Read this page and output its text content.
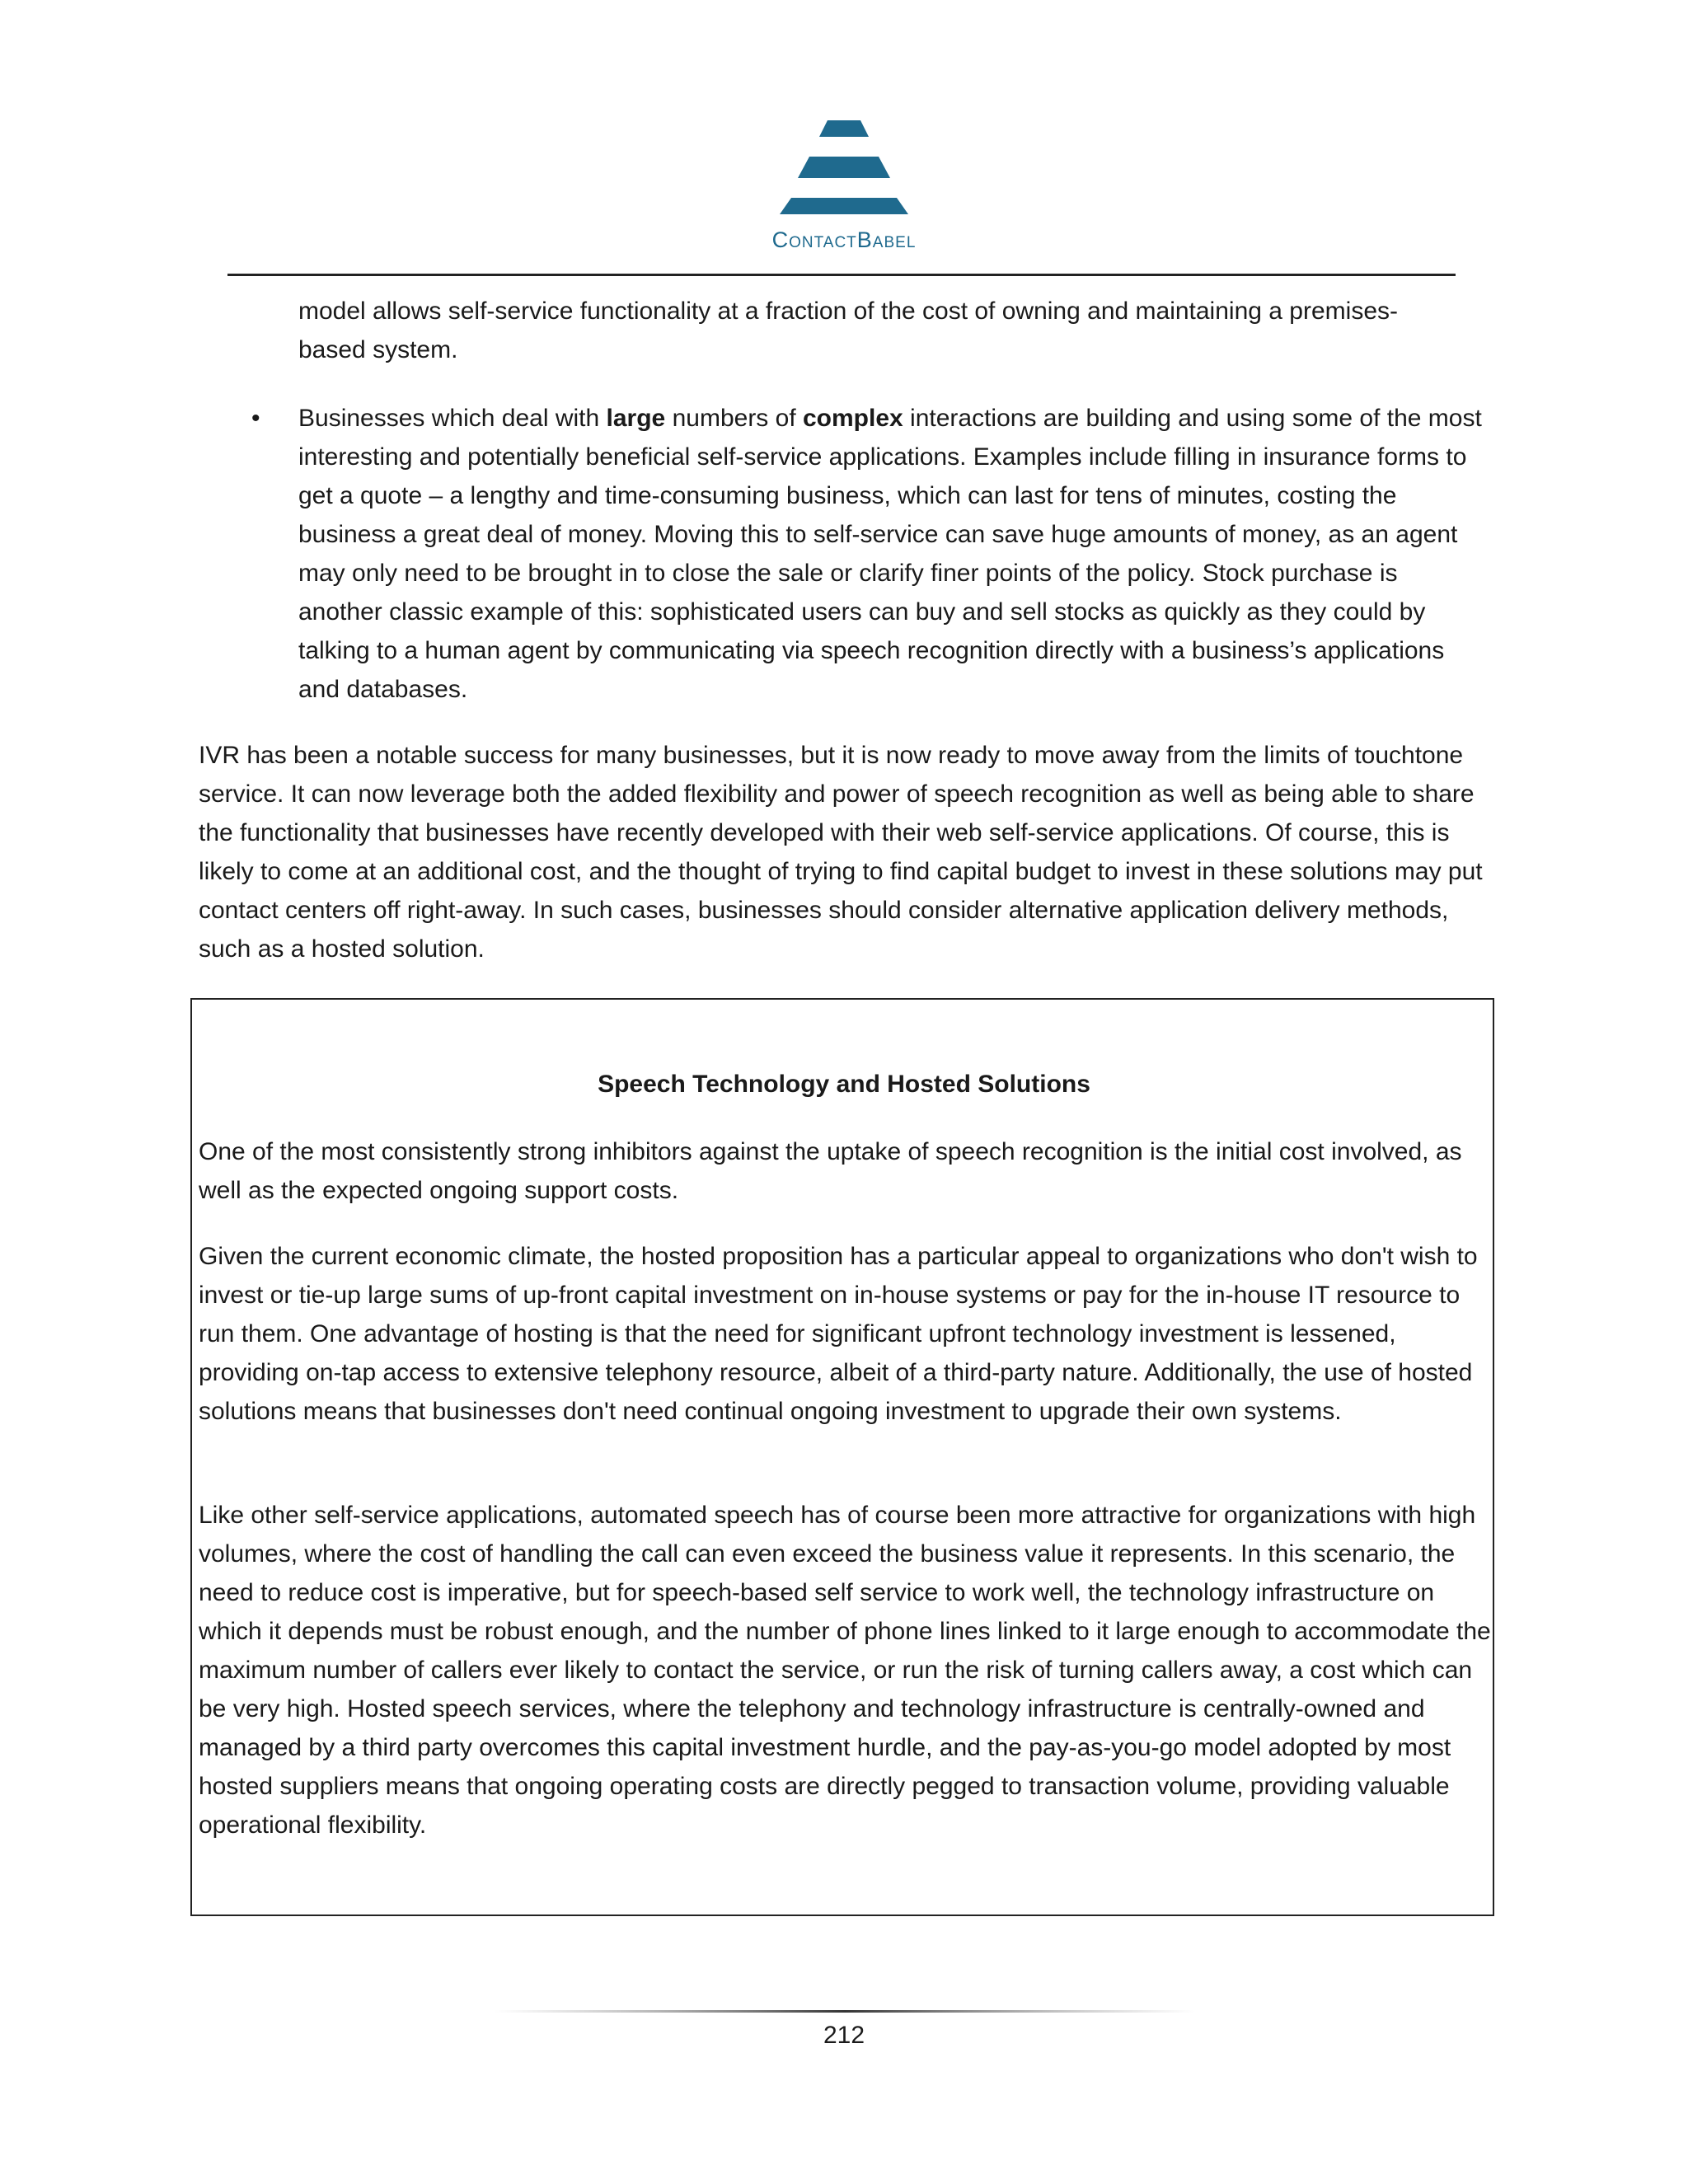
ContactBabel

model allows self-service functionality at a fraction of the cost of owning and maintaining a premises-based system.

• Businesses which deal with large numbers of complex interactions are building and using some of the most interesting and potentially beneficial self-service applications. Examples include filling in insurance forms to get a quote – a lengthy and time-consuming business, which can last for tens of minutes, costing the business a great deal of money. Moving this to self-service can save huge amounts of money, as an agent may only need to be brought in to close the sale or clarify finer points of the policy. Stock purchase is another classic example of this: sophisticated users can buy and sell stocks as quickly as they could by talking to a human agent by communicating via speech recognition directly with a business’s applications and databases.

IVR has been a notable success for many businesses, but it is now ready to move away from the limits of touchtone service. It can now leverage both the added flexibility and power of speech recognition as well as being able to share the functionality that businesses have recently developed with their web self-service applications. Of course, this is likely to come at an additional cost, and the thought of trying to find capital budget to invest in these solutions may put contact centers off right-away. In such cases, businesses should consider alternative application delivery methods, such as a hosted solution.

Speech Technology and Hosted Solutions

One of the most consistently strong inhibitors against the uptake of speech recognition is the initial cost involved, as well as the expected ongoing support costs.

Given the current economic climate, the hosted proposition has a particular appeal to organizations who don't wish to invest or tie-up large sums of up-front capital investment on in-house systems or pay for the in-house IT resource to run them. One advantage of hosting is that the need for significant upfront technology investment is lessened, providing on-tap access to extensive telephony resource, albeit of a third-party nature. Additionally, the use of hosted solutions means that businesses don't need continual ongoing investment to upgrade their own systems.

Like other self-service applications, automated speech has of course been more attractive for organizations with high volumes, where the cost of handling the call can even exceed the business value it represents. In this scenario, the need to reduce cost is imperative, but for speech-based self service to work well, the technology infrastructure on which it depends must be robust enough, and the number of phone lines linked to it large enough to accommodate the maximum number of callers ever likely to contact the service, or run the risk of turning callers away, a cost which can be very high. Hosted speech services, where the telephony and technology infrastructure is centrally-owned and managed by a third party overcomes this capital investment hurdle, and the pay-as-you-go model adopted by most hosted suppliers means that ongoing operating costs are directly pegged to transaction volume, providing valuable operational flexibility.

212
